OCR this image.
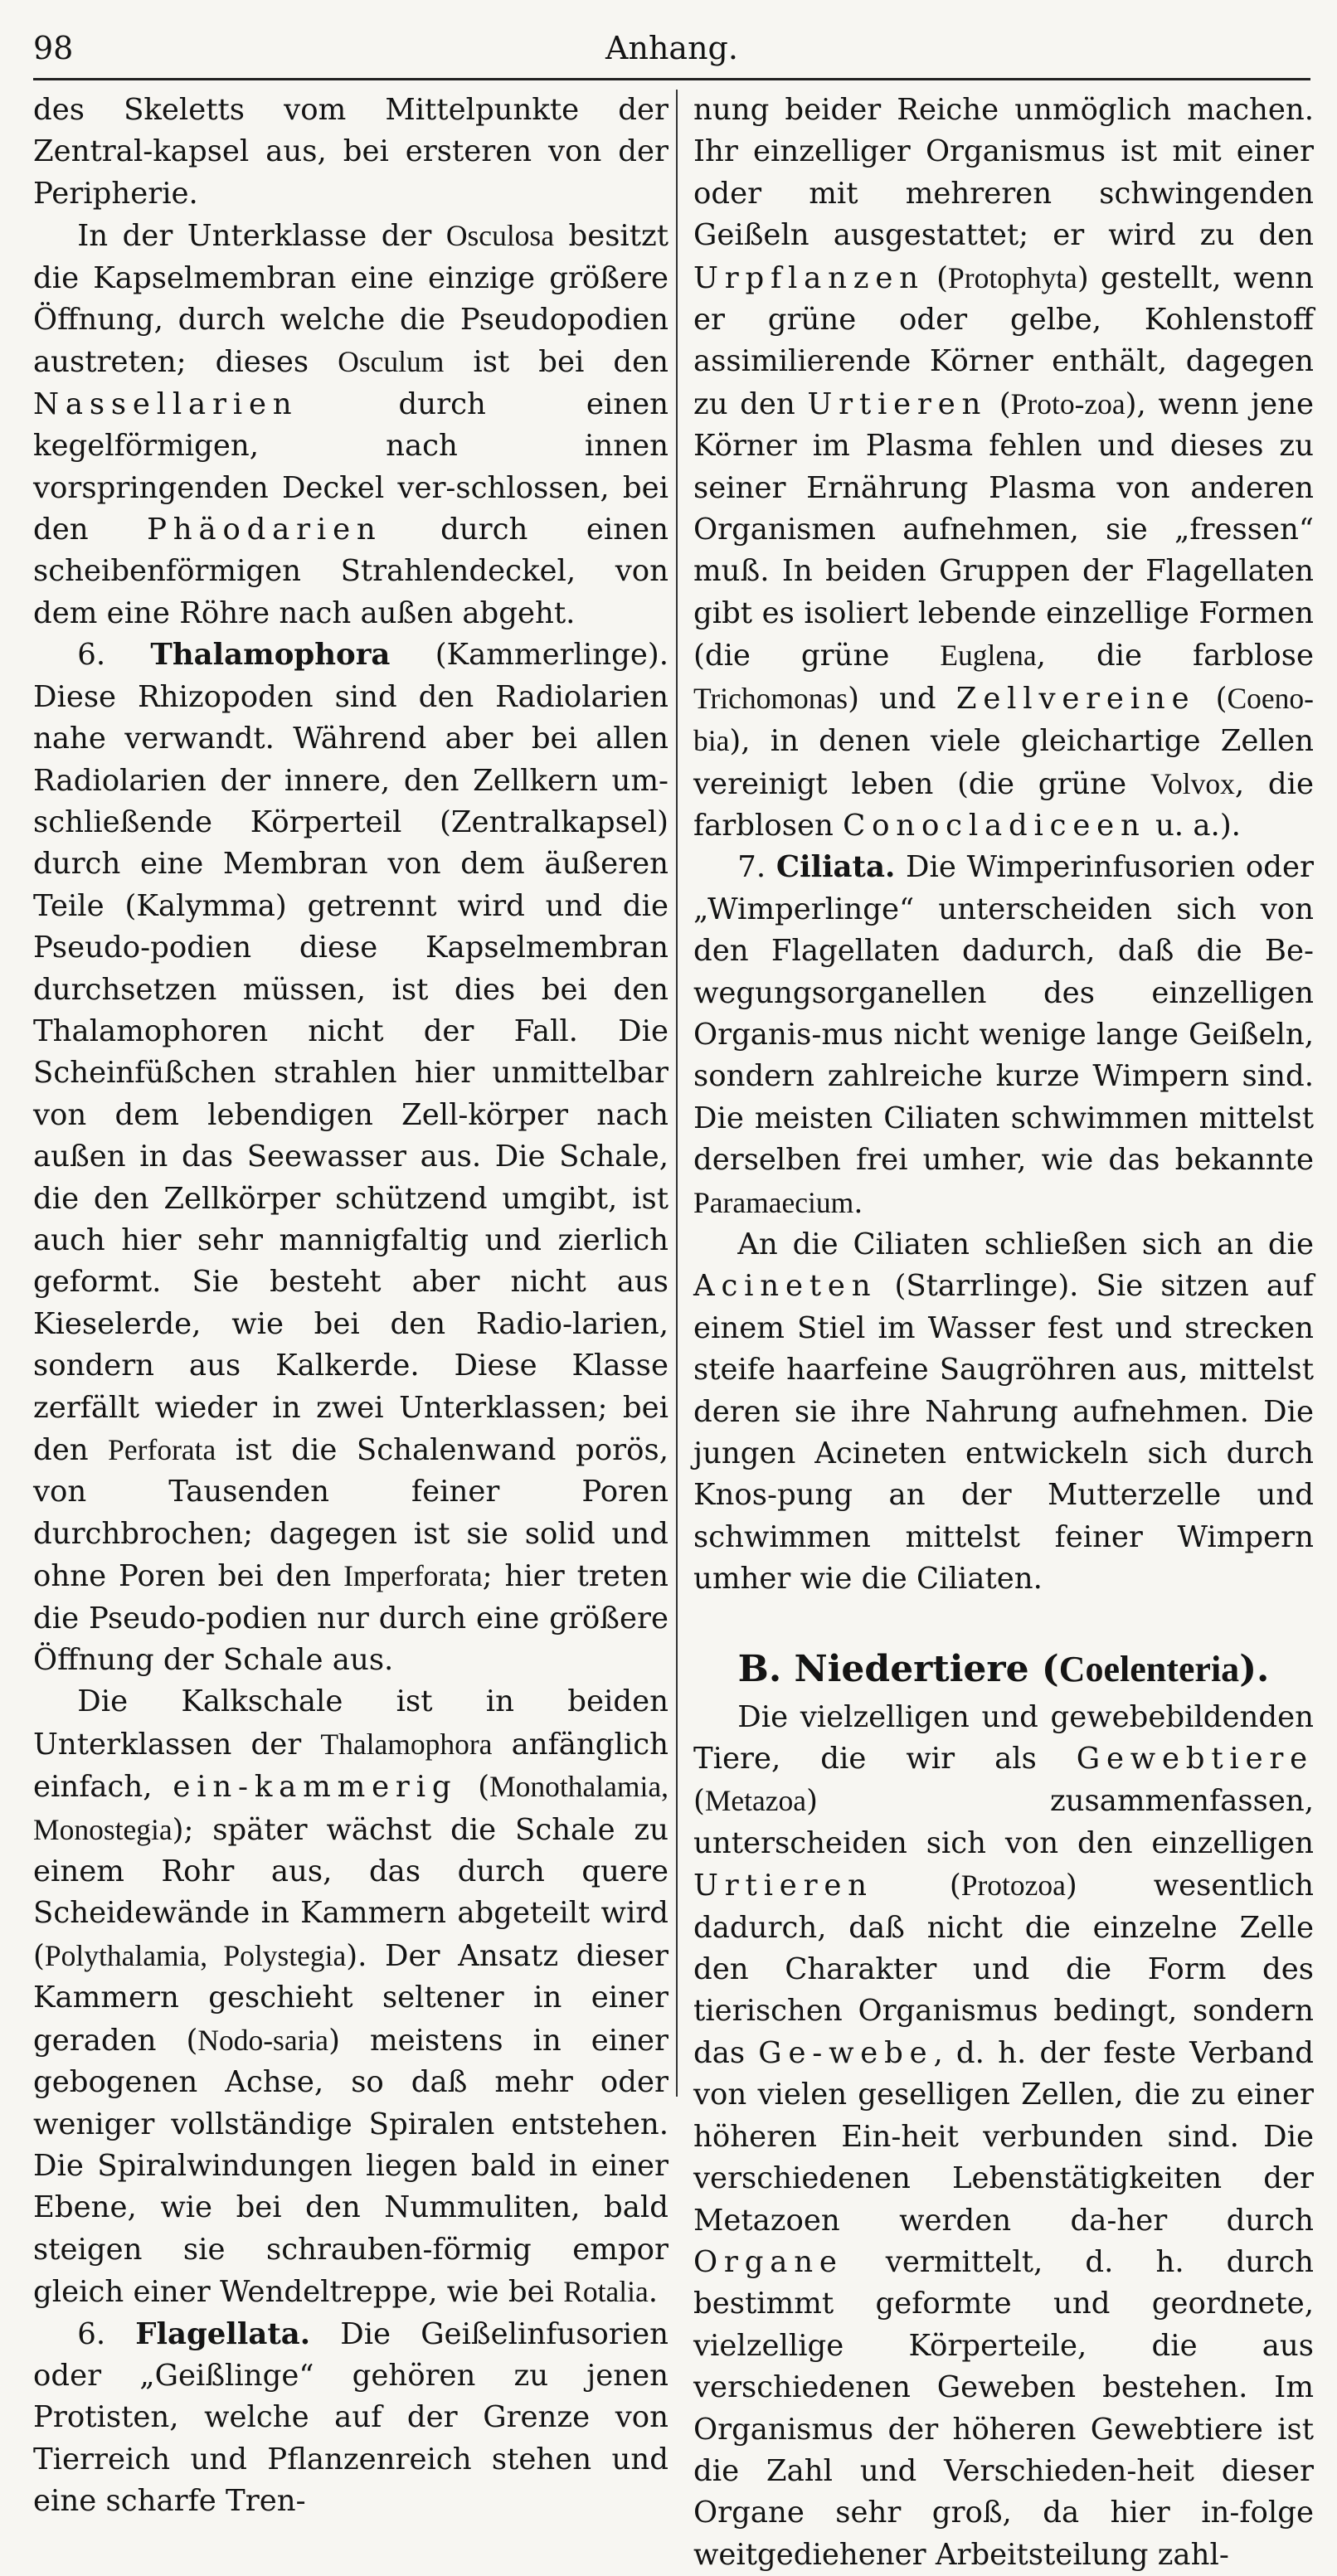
98	Anhang.

des Skeletts vom Mittelpunkte der Zentral-kapsel aus, bei ersteren von der Peripherie.

In der Unterklasse der Osculosa besitzt die Kapselmembran eine einzige größere Öffnung, durch welche die Pseudopodien austreten; dieses Osculum ist bei den Nassellarien durch einen kegelförmigen, nach innen vorspringenden Deckel ver-schlossen, bei den Phäodarien durch einen scheibenförmigen Strahlendeckel, von dem eine Röhre nach außen abgeht.

6. Thalamophora (Kammerlinge). Diese Rhizopoden sind den Radiolarien nahe verwandt. Während aber bei allen Radiolarien der innere, den Zellkern um-schließende Körperteil (Zentralkapsel) durch eine Membran von dem äußeren Teile (Kalymma) getrennt wird und die Pseudo-podien diese Kapselmembran durchsetzen müssen, ist dies bei den Thalamophoren nicht der Fall. Die Scheinfüßchen strahlen hier unmittelbar von dem lebendigen Zell-körper nach außen in das Seewasser aus. Die Schale, die den Zellkörper schützend umgibt, ist auch hier sehr mannigfaltig und zierlich geformt. Sie besteht aber nicht aus Kieselerde, wie bei den Radio-larien, sondern aus Kalkerde. Diese Klasse zerfällt wieder in zwei Unterklassen; bei den Perforata ist die Schalenwand porös, von Tausenden feiner Poren durchbrochen; dagegen ist sie solid und ohne Poren bei den Imperforata; hier treten die Pseudo-podien nur durch eine größere Öffnung der Schale aus.

Die Kalkschale ist in beiden Unterklassen der Thalamophora anfänglich einfach, ein-kammerig (Monothalamia, Monostegia); später wächst die Schale zu einem Rohr aus, das durch quere Scheidewände in Kammern abgeteilt wird (Polythalamia, Polystegia). Der Ansatz dieser Kammern geschieht seltener in einer geraden (Nodo-saria) meistens in einer gebogenen Achse, so daß mehr oder weniger vollständige Spiralen entstehen. Die Spiralwindungen liegen bald in einer Ebene, wie bei den Nummuliten, bald steigen sie schrauben-förmig empor gleich einer Wendeltreppe, wie bei Rotalia.

6. Flagellata. Die Geißelinfusorien oder „Geißlinge“ gehören zu jenen Protisten, welche auf der Grenze von Tierreich und Pflanzenreich stehen und eine scharfe Tren-

nung beider Reiche unmöglich machen. Ihr einzelliger Organismus ist mit einer oder mit mehreren schwingenden Geißeln ausgestattet; er wird zu den Urpflanzen (Protophyta) gestellt, wenn er grüne oder gelbe, Kohlenstoff assimilierende Körner enthält, dagegen zu den Urtieren (Proto-zoa), wenn jene Körner im Plasma fehlen und dieses zu seiner Ernährung Plasma von anderen Organismen aufnehmen, sie „fressen“ muß. In beiden Gruppen der Flagellaten gibt es isoliert lebende einzellige Formen (die grüne Euglena, die farblose Trichomonas) und Zellvereine (Coeno-bia), in denen viele gleichartige Zellen vereinigt leben (die grüne Volvox, die farblosen Conocladiceen u. a.).

7. Ciliata. Die Wimperinfusorien oder „Wimperlinge“ unterscheiden sich von den Flagellaten dadurch, daß die Be-wegungsorganellen des einzelligen Organis-mus nicht wenige lange Geißeln, sondern zahlreiche kurze Wimpern sind. Die meisten Ciliaten schwimmen mittelst derselben frei umher, wie das bekannte Paramaecium.

An die Ciliaten schließen sich an die Acineten (Starrlinge). Sie sitzen auf einem Stiel im Wasser fest und strecken steife haarfeine Saugröhren aus, mittelst deren sie ihre Nahrung aufnehmen. Die jungen Acineten entwickeln sich durch Knos-pung an der Mutterzelle und schwimmen mittelst feiner Wimpern umher wie die Ciliaten.

B. Niedertiere (Coelenteria).

Die vielzelligen und gewebebildenden Tiere, die wir als Gewebtiere (Metazoa) zusammenfassen, unterscheiden sich von den einzelligen Urtieren (Protozoa) wesentlich dadurch, daß nicht die einzelne Zelle den Charakter und die Form des tierischen Organismus bedingt, sondern das Ge-webe, d. h. der feste Verband von vielen geselligen Zellen, die zu einer höheren Ein-heit verbunden sind. Die verschiedenen Lebenstätigkeiten der Metazoen werden da-her durch Organe vermittelt, d. h. durch bestimmt geformte und geordnete, vielzellige Körperteile, die aus verschiedenen Geweben bestehen. Im Organismus der höheren Gewebtiere ist die Zahl und Verschieden-heit dieser Organe sehr groß, da hier in-folge weitgediehener Arbeitsteilung zahl-
